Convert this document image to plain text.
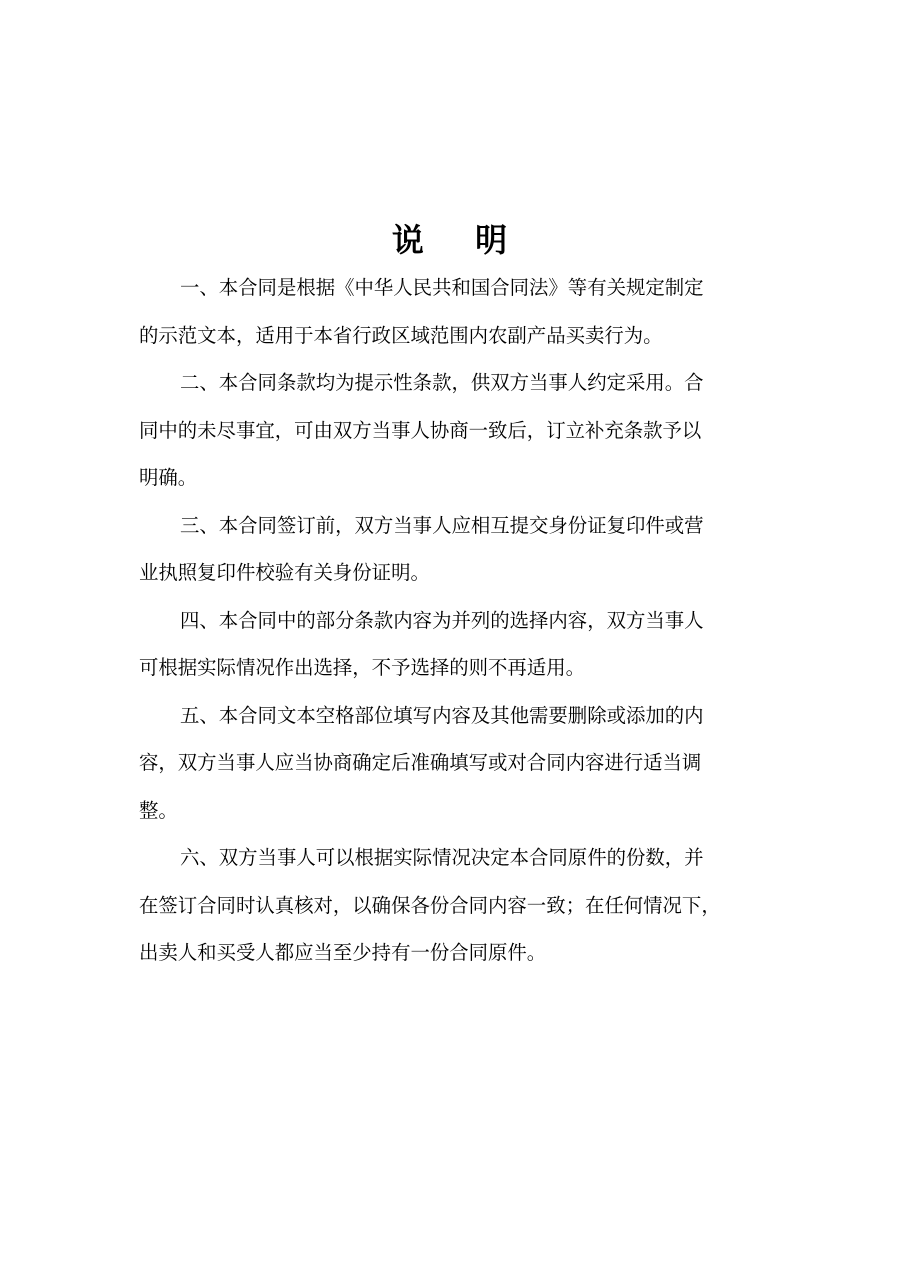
说 明
一、本合同是根据《中华人民共和国合同法》等有关规定制定
的示范文本，适用于本省行政区域范围内农副产品买卖行为。
二、本合同条款均为提示性条款，供双方当事人约定采用。合
同中的未尽事宜，可由双方当事人协商一致后，订立补充条款予以
明确。
三、本合同签订前，双方当事人应相互提交身份证复印件或营
业执照复印件校验有关身份证明。
四、本合同中的部分条款内容为并列的选择内容，双方当事人
可根据实际情况作出选择，不予选择的则不再适用。
五、本合同文本空格部位填写内容及其他需要删除或添加的内
容，双方当事人应当协商确定后准确填写或对合同内容进行适当调
整。
六、双方当事人可以根据实际情况决定本合同原件的份数，并
在签订合同时认真核对，以确保各份合同内容一致；在任何情况下，
出卖人和买受人都应当至少持有一份合同原件。
